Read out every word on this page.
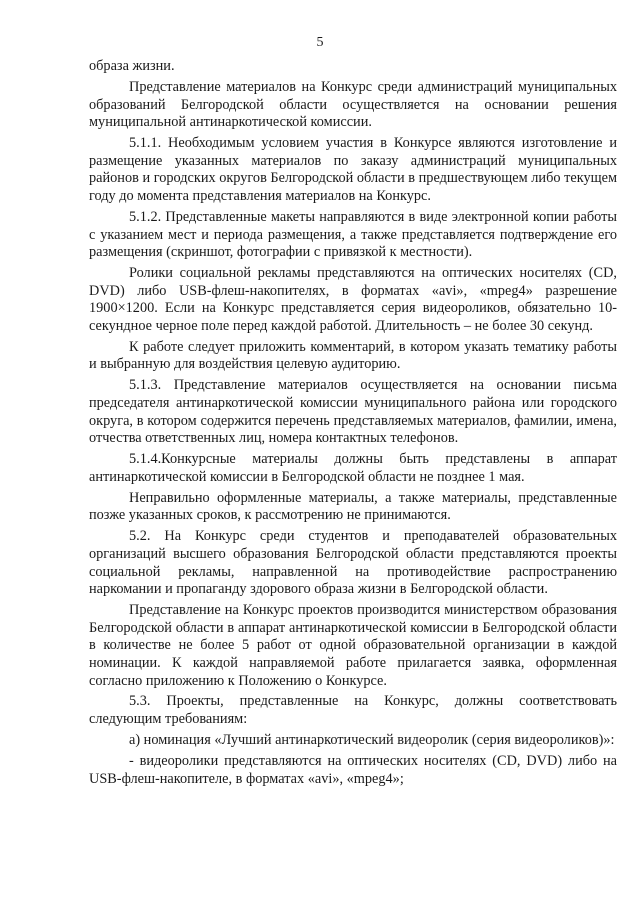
5

образа жизни.

Представление материалов на Конкурс среди администраций муниципальных образований Белгородской области осуществляется на основании решения муниципальной антинаркотической комиссии.

5.1.1. Необходимым условием участия в Конкурсе являются изготовление и размещение указанных материалов по заказу администраций муниципальных районов и городских округов Белгородской области в предшествующем либо текущем году до момента представления материалов на Конкурс.

5.1.2. Представленные макеты направляются в виде электронной копии работы с указанием мест и периода размещения, а также представляется подтверждение его размещения (скриншот, фотографии с привязкой к местности).

Ролики социальной рекламы представляются на оптических носителях (CD, DVD) либо USB-флеш-накопителях, в форматах «avi», «mpeg4» разрешение 1900×1200. Если на Конкурс представляется серия видеороликов, обязательно 10-секундное черное поле перед каждой работой. Длительность – не более 30 секунд.

К работе следует приложить комментарий, в котором указать тематику работы и выбранную для воздействия целевую аудиторию.

5.1.3. Представление материалов осуществляется на основании письма председателя антинаркотической комиссии муниципального района или городского округа, в котором содержится перечень представляемых материалов, фамилии, имена, отчества ответственных лиц, номера контактных телефонов.

5.1.4.Конкурсные материалы должны быть представлены в аппарат антинаркотической комиссии в Белгородской области не позднее 1 мая.

Неправильно оформленные материалы, а также материалы, представленные позже указанных сроков, к рассмотрению не принимаются.

5.2. На Конкурс среди студентов и преподавателей образовательных организаций высшего образования Белгородской области представляются проекты социальной рекламы, направленной на противодействие распространению наркомании и пропаганду здорового образа жизни в Белгородской области.

Представление на Конкурс проектов производится министерством образования Белгородской области в аппарат антинаркотической комиссии в Белгородской области в количестве не более 5 работ от одной образовательной организации в каждой номинации. К каждой направляемой работе прилагается заявка, оформленная согласно приложению к Положению о Конкурсе.

5.3. Проекты, представленные на Конкурс, должны соответствовать следующим требованиям:

а) номинация «Лучший антинаркотический видеоролик (серия видеороликов)»:

- видеоролики представляются на оптических носителях (CD, DVD) либо на USB-флеш-накопителе, в форматах «avi», «mpeg4»;
